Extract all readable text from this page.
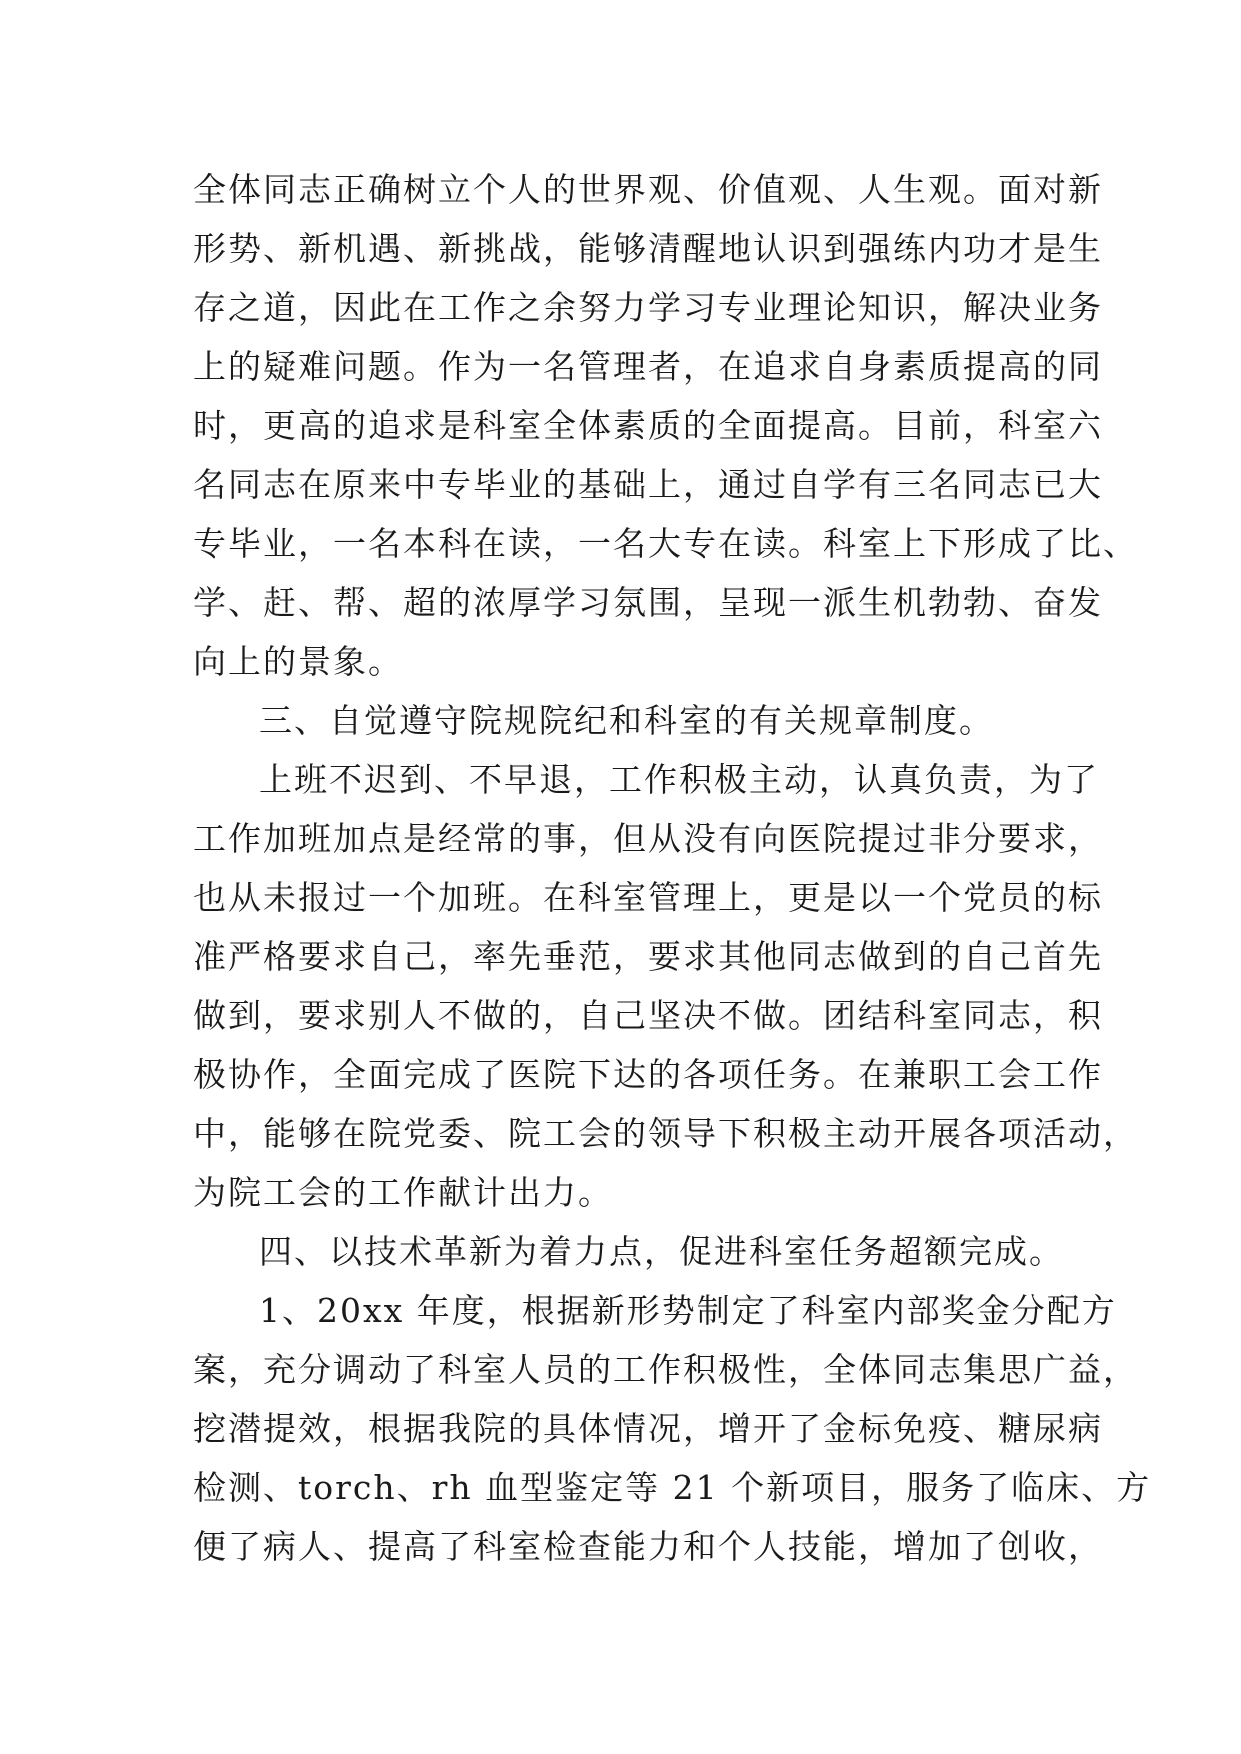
全体同志正确树立个人的世界观、价值观、人生观。面对新
形势、新机遇、新挑战，能够清醒地认识到强练内功才是生
存之道，因此在工作之余努力学习专业理论知识，解决业务
上的疑难问题。作为一名管理者，在追求自身素质提高的同
时，更高的追求是科室全体素质的全面提高。目前，科室六
名同志在原来中专毕业的基础上，通过自学有三名同志已大
专毕业，一名本科在读，一名大专在读。科室上下形成了比、
学、赶、帮、超的浓厚学习氛围，呈现一派生机勃勃、奋发
向上的景象。
三、自觉遵守院规院纪和科室的有关规章制度。
上班不迟到、不早退，工作积极主动，认真负责，为了
工作加班加点是经常的事，但从没有向医院提过非分要求，
也从未报过一个加班。在科室管理上，更是以一个党员的标
准严格要求自己，率先垂范，要求其他同志做到的自己首先
做到，要求别人不做的，自己坚决不做。团结科室同志，积
极协作，全面完成了医院下达的各项任务。在兼职工会工作
中，能够在院党委、院工会的领导下积极主动开展各项活动，
为院工会的工作献计出力。
四、以技术革新为着力点，促进科室任务超额完成。
1、20xx 年度，根据新形势制定了科室内部奖金分配方
案，充分调动了科室人员的工作积极性，全体同志集思广益，
挖潜提效，根据我院的具体情况，增开了金标免疫、糖尿病
检测、torch、rh 血型鉴定等 21 个新项目，服务了临床、方
便了病人、提高了科室检查能力和个人技能，增加了创收，
